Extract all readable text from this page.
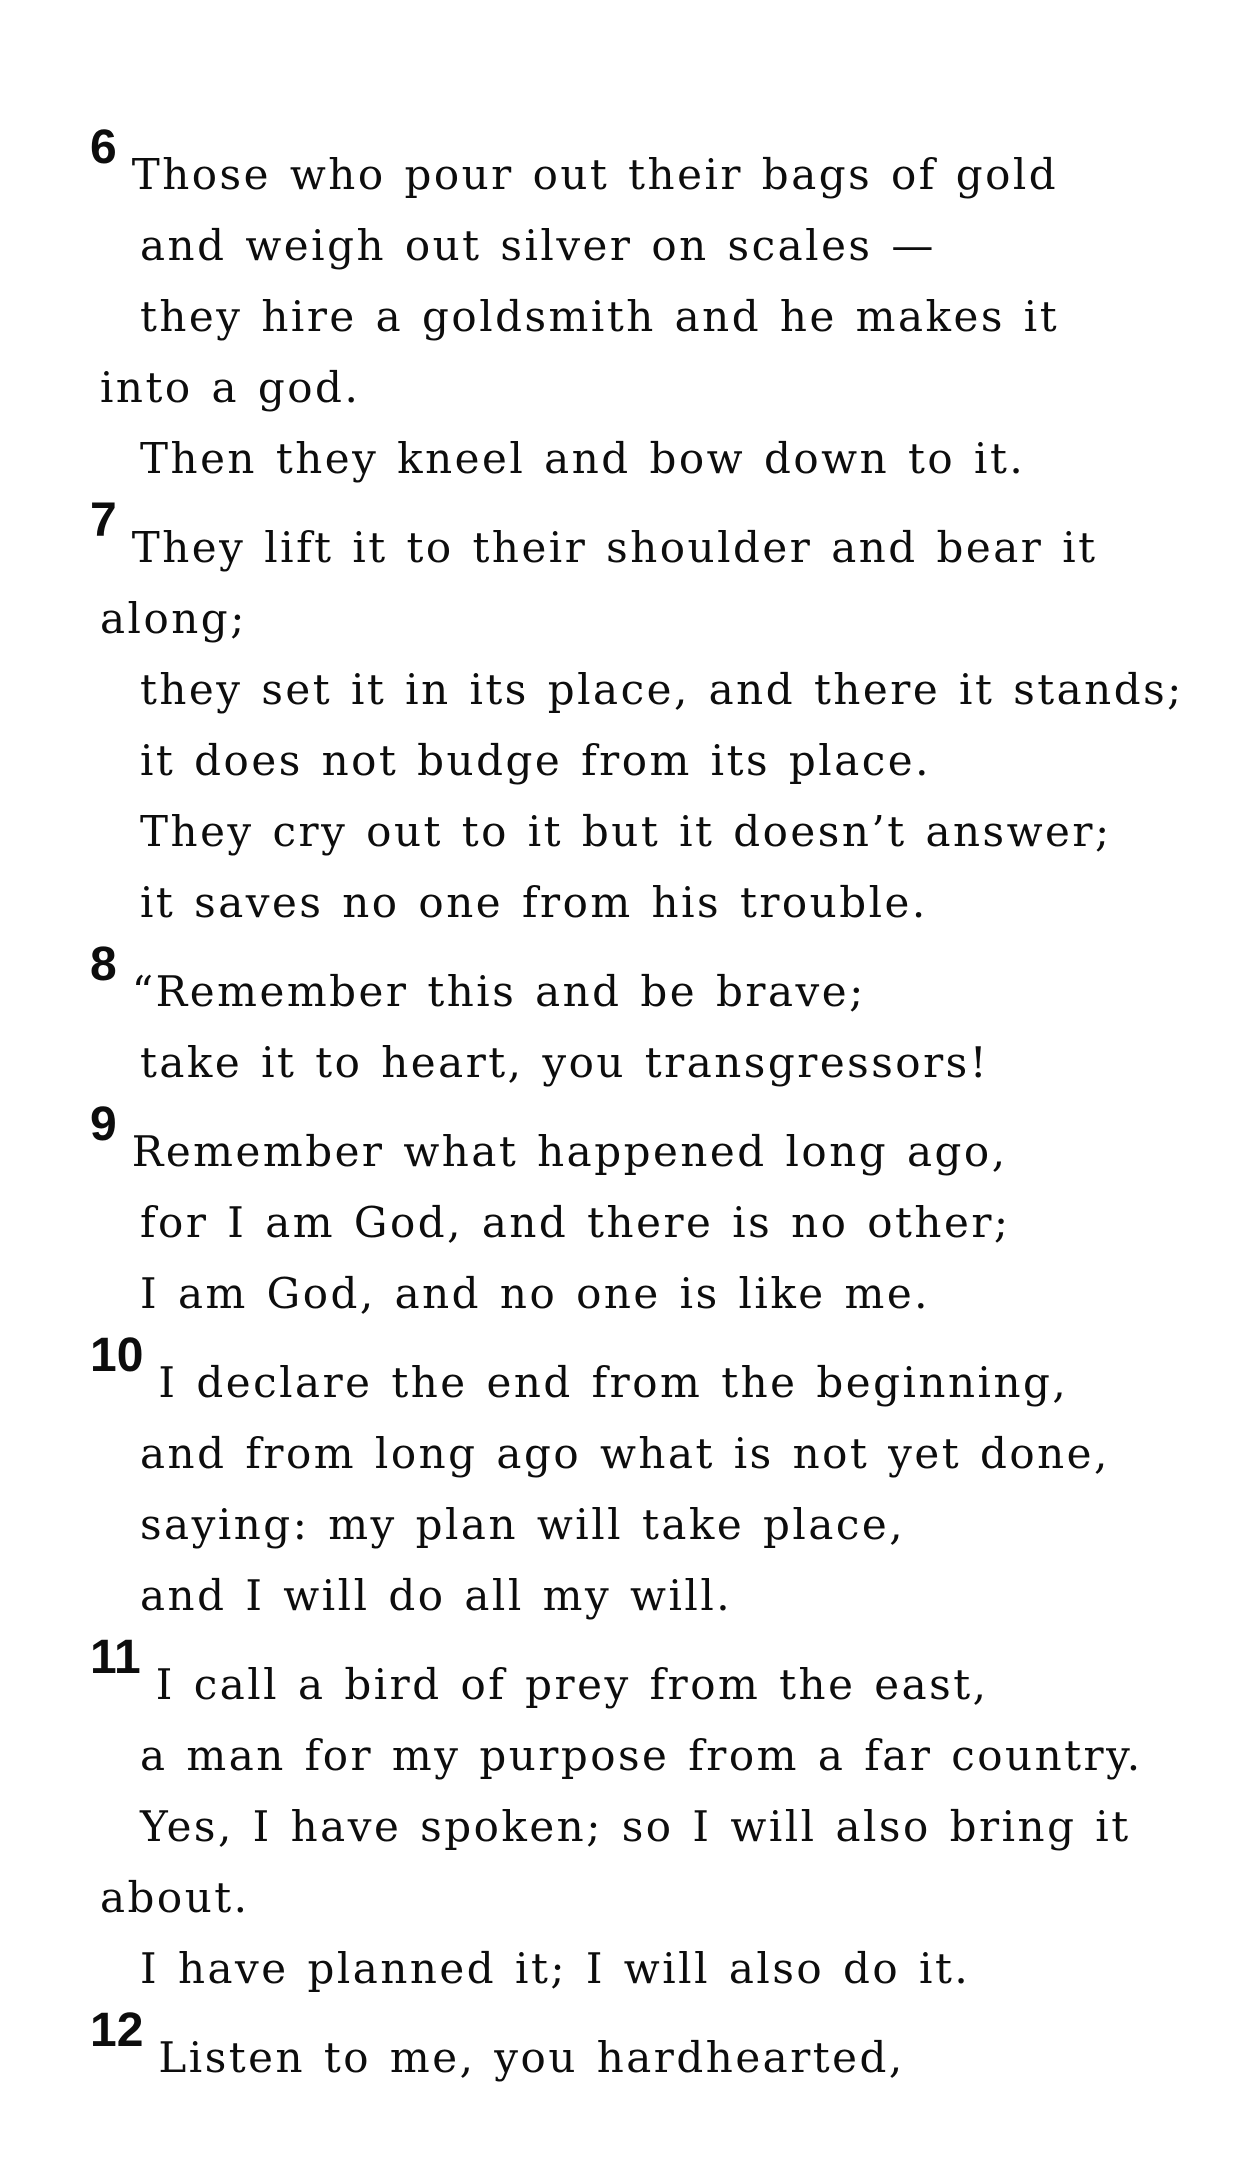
6Those who pour out their bags of gold
and weigh out silver on scales —
they hire a goldsmith and he makes it
into a god.
Then they kneel and bow down to it.
7They lift it to their shoulder and bear it
along;
they set it in its place, and there it stands;
it does not budge from its place.
They cry out to it but it doesn’t answer;
it saves no one from his trouble.
8“Remember this and be brave;
take it to heart, you transgressors!
9Remember what happened long ago,
for I am God, and there is no other;
I am God, and no one is like me.
10I declare the end from the beginning,
and from long ago what is not yet done,
saying: my plan will take place,
and I will do all my will.
11I call a bird of prey from the east,
a man for my purpose from a far country.
Yes, I have spoken; so I will also bring it
about.
I have planned it; I will also do it.
12Listen to me, you hardhearted,
